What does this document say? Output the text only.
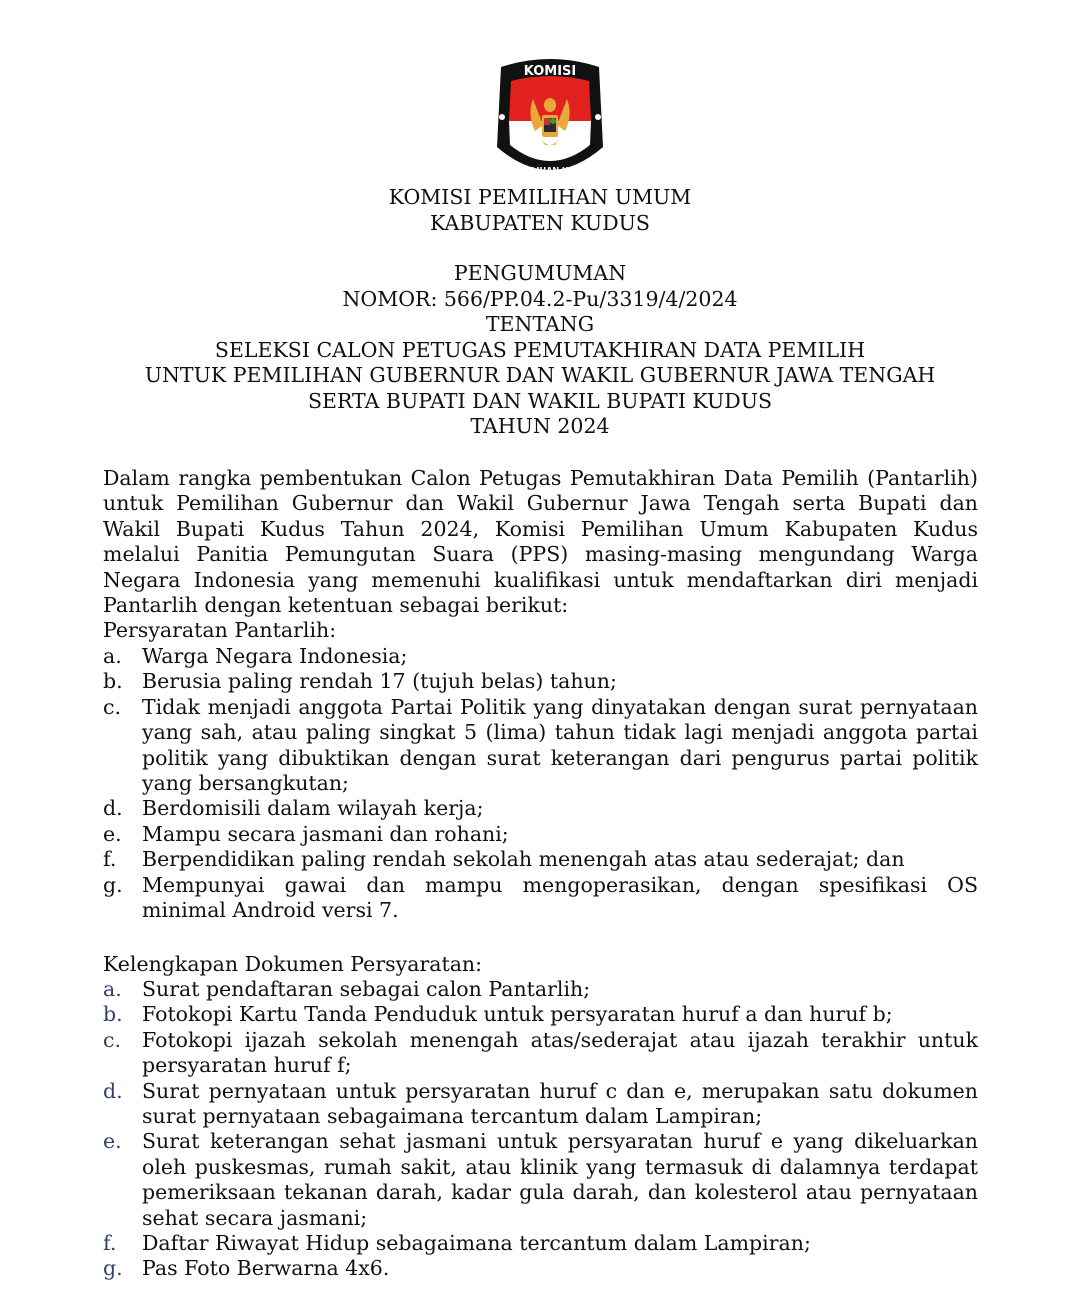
KOMISI
PEMILIHAN UMUM
KOMISI PEMILIHAN UMUM
KABUPATEN KUDUS
PENGUMUMAN
NOMOR: 566/PP.04.2-Pu/3319/4/2024
TENTANG
SELEKSI CALON PETUGAS PEMUTAKHIRAN DATA PEMILIH
UNTUK PEMILIHAN GUBERNUR DAN WAKIL GUBERNUR JAWA TENGAH
SERTA BUPATI DAN WAKIL BUPATI KUDUS
TAHUN 2024
Dalam rangka pembentukan Calon Petugas Pemutakhiran Data Pemilih (Pantarlih)
untuk Pemilihan Gubernur dan Wakil Gubernur Jawa Tengah serta Bupati dan
Wakil Bupati Kudus Tahun 2024, Komisi Pemilihan Umum Kabupaten Kudus
melalui Panitia Pemungutan Suara (PPS) masing-masing mengundang Warga
Negara Indonesia yang memenuhi kualifikasi untuk mendaftarkan diri menjadi
Pantarlih dengan ketentuan sebagai berikut:
Persyaratan Pantarlih:
a. Warga Negara Indonesia;
b. Berusia paling rendah 17 (tujuh belas) tahun;
c.	Tidak menjadi anggota Partai Politik yang dinyatakan dengan surat pernyataan
yang sah, atau paling singkat 5 (lima) tahun tidak lagi menjadi anggota partai
politik yang dibuktikan dengan surat keterangan dari pengurus partai politik
yang bersangkutan;
d. Berdomisili dalam wilayah kerja;
e. Mampu secara jasmani dan rohani;
f.	Berpendidikan paling rendah sekolah menengah atas atau sederajat; dan
g. Mempunyai gawai dan mampu mengoperasikan, dengan spesifikasi OS
minimal Android versi 7.
Kelengkapan Dokumen Persyaratan:
a. Surat pendaftaran sebagai calon Pantarlih;
b. Fotokopi Kartu Tanda Penduduk untuk persyaratan huruf a dan huruf b;
c.	Fotokopi ijazah sekolah menengah atas/sederajat atau ijazah terakhir untuk
persyaratan huruf f;
d. Surat pernyataan untuk persyaratan huruf c dan e, merupakan satu dokumen
surat pernyataan sebagaimana tercantum dalam Lampiran;
e. Surat keterangan sehat jasmani untuk persyaratan huruf e yang dikeluarkan
oleh puskesmas, rumah sakit, atau klinik yang termasuk di dalamnya terdapat
pemeriksaan tekanan darah, kadar gula darah, dan kolesterol atau pernyataan
sehat secara jasmani;
f.	Daftar Riwayat Hidup sebagaimana tercantum dalam Lampiran;
g. Pas Foto Berwarna 4x6.
